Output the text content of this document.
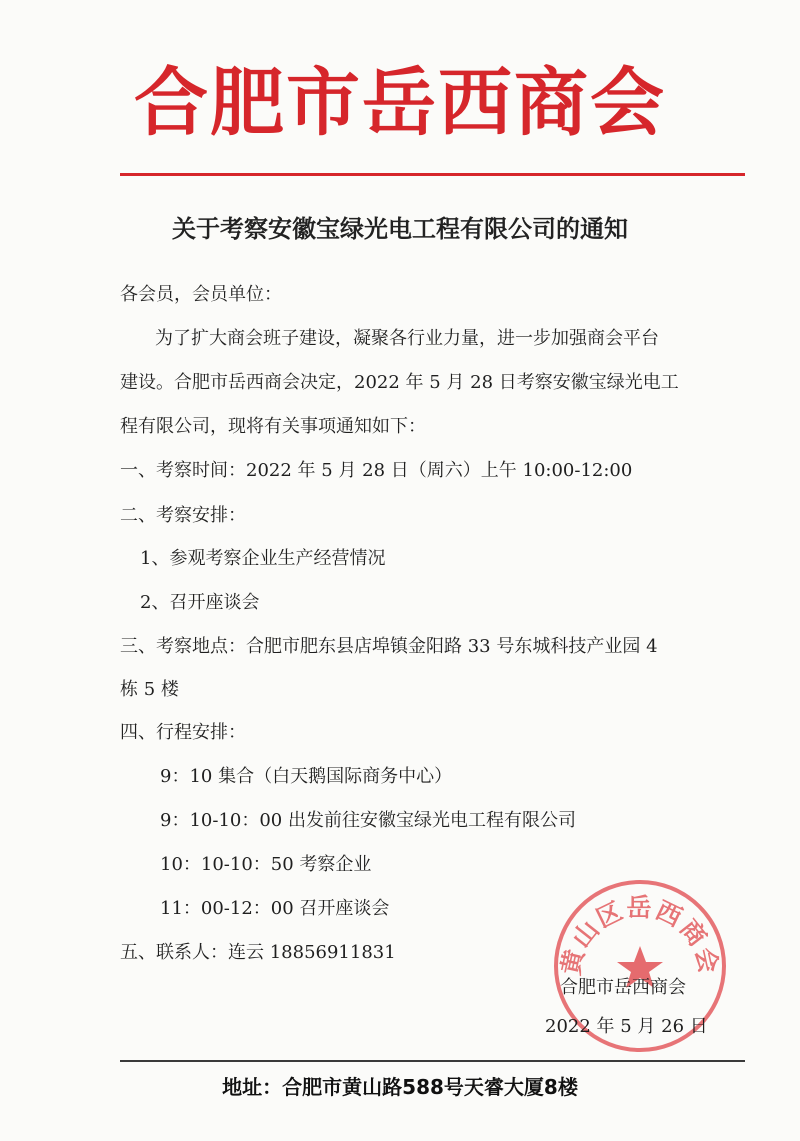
合肥市岳西商会
关于考察安徽宝绿光电工程有限公司的通知
各会员，会员单位：
为了扩大商会班子建设，凝聚各行业力量，进一步加强商会平台
建设。合肥市岳西商会决定，2022 年 5 月 28 日考察安徽宝绿光电工
程有限公司，现将有关事项通知如下：
一、考察时间：2022 年 5 月 28 日（周六）上午 10:00-12:00
二、考察安排：
1、参观考察企业生产经营情况
2、召开座谈会
三、考察地点：合肥市肥东县店埠镇金阳路 33 号东城科技产业园 4
栋 5 楼
四、行程安排：
9：10 集合（白天鹅国际商务中心）
9：10-10：00 出发前往安徽宝绿光电工程有限公司
10：10-10：50 考察企业
11：00-12：00 召开座谈会
五、联系人：连云 18856911831	黄山区岳西商会
合肥市岳西商会
2022 年 5 月 26 日
地址：合肥市黄山路588号天睿大厦8楼
